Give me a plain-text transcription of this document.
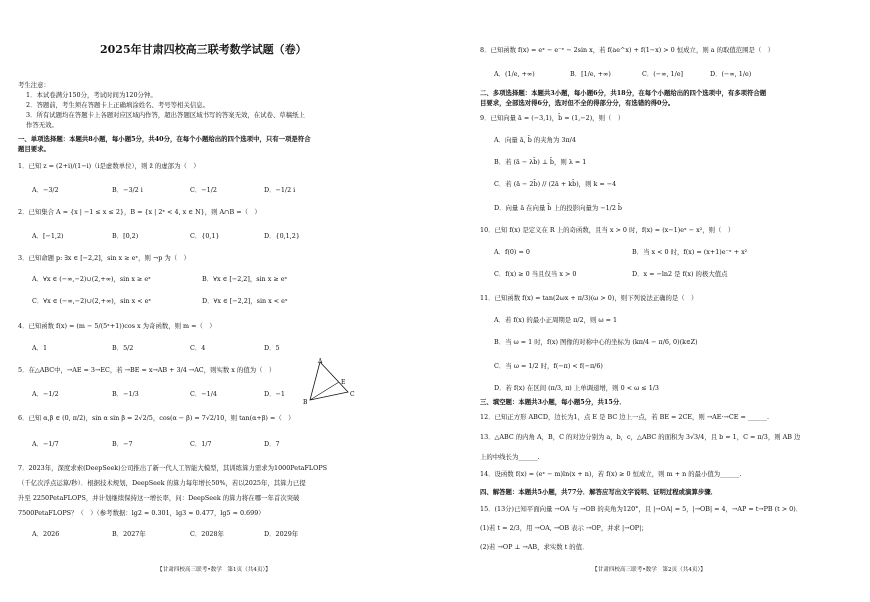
2025年甘肃四校高三联考数学试题（卷）
考生注意：
1．本试卷满分150分，考试时间为120分钟。
2．答题前，考生须在答题卡上正确填涂姓名、考号等相关信息。
3．所有试题均在答题卡上各题对应区域内作答，超出答题区域书写的答案无效，在试卷、草稿纸上
作答无效。
一、单项选择题：本题共8小题，每小题5分，共40分，在每个小题给出的四个选项中，只有一项是符合
题目要求。
1．已知 z = (2+i)/(1−i)（i是虚数单位），则 z̄ 的虚部为（　）
A．−3/2	B．−3/2 i	C．−1/2	D．−1/2 i
2．已知集合 A = {x | −1 ≤ x ≤ 2}，B = {x | 2ˣ < 4, x ∈ N}，则 A∩B =（　）
A．[−1,2)	B．[0,2)	C．{0,1}	D．{0,1,2}
3．已知命题 p: ∃x ∈ [−2,2]，sin x ≥ eˣ，则 ¬p 为（　）
A．∀x ∈ (−∞,−2)∪(2,+∞)，sin x ≥ eˣ	B．∀x ∈ [−2,2]，sin x ≥ eˣ
C．∀x ∈ (−∞,−2)∪(2,+∞)，sin x < eˣ	D．∀x ∈ [−2,2]，sin x < eˣ
4．已知函数 f(x) = (m − 5/(5ˣ+1))cos x 为奇函数，则 m =（　）
A．1	B．5/2	C．4	D．5
5．在△ABC中，→AE = 3→EC，若 →BE = x→AB + 3/4 →AC，则实数 x 的值为（　）
A．−1/2	B．−1/3	C．−1/4	D．−1
A
E
C
B
6．已知 α,β ∈ (0, π/2)，sin α sin β = 2√2/5，cos(α − β) = 7√2/10，则 tan(α+β) =（　）
A．−1/7	B．−7	C．1/7	D．7
7．2023年，深度求索(DeepSeek)公司推出了新一代人工智能大模型，其训练算力需求为1000PetaFLOPS
（千亿次浮点运算/秒）．根据技术规划，DeepSeek 的算力每年增长50%，若以2025年，其算力已提
升至 2250PetaFLOPS，并计划继续保持这一增长率，问：DeepSeek 的算力将在哪一年首次突破
7500PetaFLOPS？（　）（参考数据：lg2 ≈ 0.301，lg3 ≈ 0.477，lg5 ≈ 0.699）
A．2026	B．2027年	C．2028年	D．2029年
【甘肃四校高三联考•数学　第1页（共4页）】
8．已知函数 f(x) = eˣ − e⁻ˣ − 2sin x，若 f(ae^x) + f(1−x) > 0 恒成立，则 a 的取值范围是（　）
A．(1/e, +∞)	B．[1/e, +∞)	C．(−∞, 1/e]	D．(−∞, 1/e)
二、多项选择题：本题共3小题，每小题6分，共18分，在每个小题给出的四个选项中，有多项符合题
目要求，全部选对得6分，选对但不全的得部分分，有选错的得0分。
9．已知向量 ā = (−3,1)，b̄ = (1,−2)，则（　）
A．向量 ā, b̄ 的夹角为 3π/4
B．若 (ā − λb̄) ⊥ b̄，则 λ = 1
C．若 (ā − 2b̄) // (2ā + kb̄)，则 k = −4
D．向量 ā 在向量 b̄ 上的投影向量为 −1/2 b̄
10．已知 f(x) 是定义在 R 上的奇函数，且当 x > 0 时，f(x) = (x−1)eˣ − x²，则（　）
A．f(0) = 0	B．当 x < 0 时，f(x) = (x+1)e⁻ˣ + x²
C．f(x) ≥ 0 当且仅当 x > 0	D．x = −ln2 是 f(x) 的极大值点
11．已知函数 f(x) = tan(2ωx + π/3)(ω > 0)，则下列说法正确的是（　）
A．若 f(x) 的最小正周期是 π/2，则 ω = 1
B．当 ω = 1 时，f(x) 图像的对称中心的坐标为 (kπ/4 − π/6, 0)(k∈Z)
C．当 ω = 1/2 时，f(−π) < f(−π/6)
D．若 f(x) 在区间 (π/3, π) 上单调递增，则 0 < ω ≤ 1/3
三、填空题：本题共3小题，每小题5分，共15分．
12．已知正方形 ABCD，边长为1，点 E 是 BC 边上一点，若 BE = 2CE，则 →AE·→CE = ______.
13．△ABC 的内角 A，B，C 的对边分别为 a，b，c，△ABC 的面积为 3√3/4，且 b = 1，C = π/3，则 AB 边
上的中线长为______.
14．设函数 f(x) = (eˣ − m)ln(x + n)，若 f(x) ≥ 0 恒成立，则 m + n 的最小值为______.
四、解答题：本题共5小题，共77分．解答应写出文字说明、证明过程或演算步骤．
15．(13分)已知平面向量 →OA 与 →OB 的夹角为120°，且 |→OA| = 5，|→OB| = 4，→AP = t→PB (t > 0)．
(1)若 t = 2/3，用 →OA, →OB 表示 →OP，并求 |→OP|；
(2)若 →OP ⊥ →AB，求实数 t 的值．
【甘肃四校高三联考•数学　第2页（共4页）】
